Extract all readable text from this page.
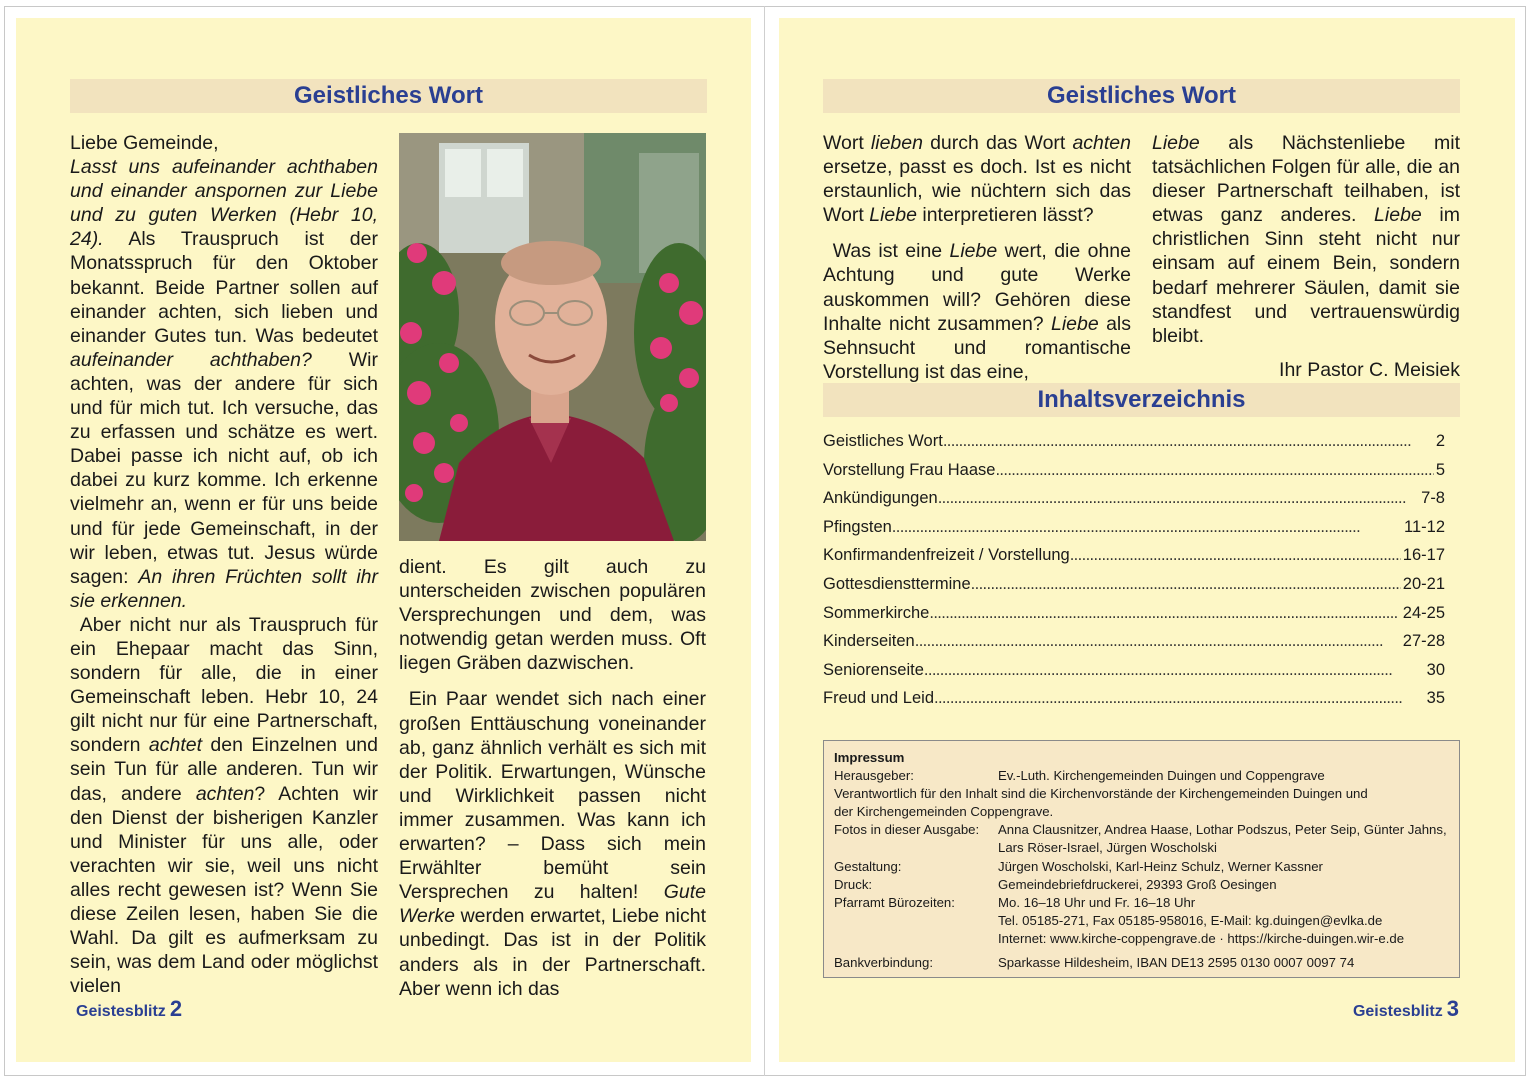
Geistliches Wort

Liebe Gemeinde,

Lasst uns aufeinander achthaben und einander anspornen zur Liebe und zu guten Werken (Hebr 10, 24). Als Trauspruch ist der Monatsspruch für den Oktober bekannt. Beide Partner sollen auf einander achten, sich lieben und einander Gutes tun. Was bedeutet aufeinander achthaben? Wir achten, was der andere für sich und für mich tut. Ich versuche, das zu erfassen und schätze es wert. Dabei passe ich nicht auf, ob ich dabei zu kurz komme. Ich erkenne vielmehr an, wenn er für uns beide und für jede Gemeinschaft, in der wir leben, etwas tut. Jesus würde sagen: An ihren Früchten sollt ihr sie erkennen.

Aber nicht nur als Trauspruch für ein Ehepaar macht das Sinn, sondern für alle, die in einer Gemeinschaft leben. Hebr 10, 24 gilt nicht nur für eine Partnerschaft, sondern achtet den Einzelnen und sein Tun für alle anderen. Tun wir das, andere achten? Achten wir den Dienst der bisherigen Kanzler und Minister für uns alle, oder verachten wir sie, weil uns nicht alles recht gewesen ist? Wenn Sie diese Zeilen lesen, haben Sie die Wahl. Da gilt es aufmerksam zu sein, was dem Land oder möglichst vielen

dient. Es gilt auch zu unterscheiden zwischen populären Versprechungen und dem, was notwendig getan werden muss. Oft liegen Gräben dazwischen.

Ein Paar wendet sich nach einer großen Enttäuschung voneinander ab, ganz ähnlich verhält es sich mit der Politik. Erwartungen, Wünsche und Wirklichkeit passen nicht immer zusammen. Was kann ich erwarten? – Dass sich mein Erwählter bemüht sein Versprechen zu halten! Gute Werke werden erwartet, Liebe nicht unbedingt. Das ist in der Politik anders als in der Partnerschaft. Aber wenn ich das

Geistesblitz 2
Geistliches Wort

Wort lieben durch das Wort achten ersetze, passt es doch. Ist es nicht erstaunlich, wie nüchtern sich das Wort Liebe interpretieren lässt?

Was ist eine Liebe wert, die ohne Achtung und gute Werke auskommen will? Gehören diese Inhalte nicht zusammen? Liebe als Sehnsucht und romantische Vorstellung ist das eine,

Liebe als Nächstenliebe mit tatsächlichen Folgen für alle, die an dieser Partnerschaft teilhaben, ist etwas ganz anderes. Liebe im christlichen Sinn steht nicht nur einsam auf einem Bein, sondern bedarf mehrerer Säulen, damit sie standfest und vertrauenswürdig bleibt.

Ihr Pastor C. Meisiek

Inhaltsverzeichnis
Geistliches Wort . . .	2
Vorstellung Frau Haase . . .	5
Ankündigungen . . .	7-8
Pfingsten . . .	11-12
Konfirmandenfreizeit / Vorstellung . . .	16-17
Gottesdiensttermine . . .	20-21
Sommerkirche . . .	24-25
Kinderseiten . . .	27-28
Seniorenseite . . .	30
Freud und Leid . . .	35
Impressum
Herausgeber:	Ev.-Luth. Kirchengemeinden Duingen und Coppengrave
Verantwortlich für den Inhalt sind die Kirchenvorstände der Kirchengemeinden Duingen und
der Kirchengemeinden Coppengrave.
Fotos in dieser Ausgabe:	Anna Clausnitzer, Andrea Haase, Lothar Podszus, Peter Seip, Günter Jahns,
Lars Röser-Israel, Jürgen Woscholski
Gestaltung:	Jürgen Woscholski, Karl-Heinz Schulz, Werner Kassner
Druck:	Gemeindebriefdruckerei, 29393 Groß Oesingen
Pfarramt Bürozeiten:	Mo. 16–18 Uhr und Fr. 16–18 Uhr
Tel. 05185-271, Fax 05185-958016, E-Mail: kg.duingen@evlka.de
Internet: www.kirche-coppengrave.de · https://kirche-duingen.wir-e.de
Bankverbindung:	Sparkasse Hildesheim, IBAN DE13 2595 0130 0007 0097 74
Geistesblitz 3
